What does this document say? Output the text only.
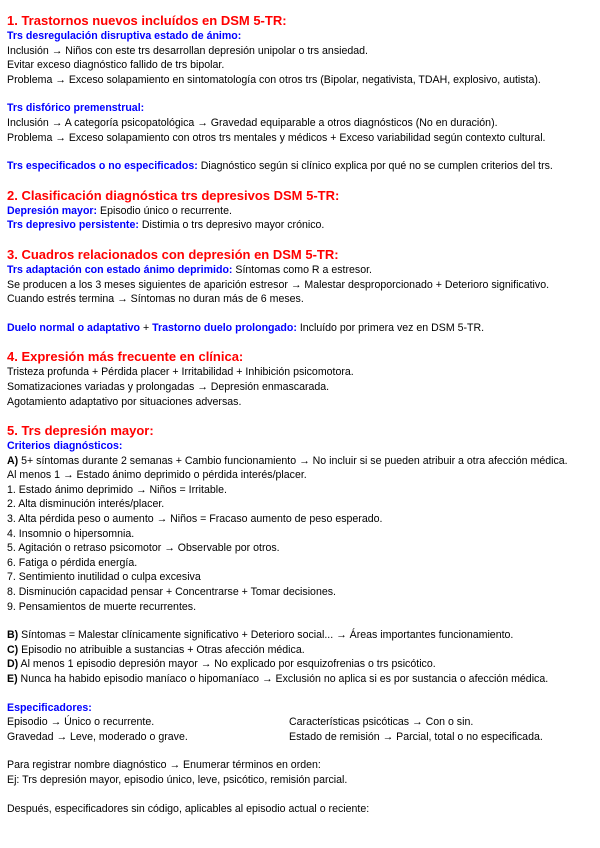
1. Trastornos nuevos incluídos en DSM 5-TR:
Trs desregulación disruptiva estado de ánimo:
Inclusión → Niños con este trs desarrollan depresión unipolar o trs ansiedad.
Evitar exceso diagnóstico fallido de trs bipolar.
Problema → Exceso solapamiento en sintomatología con otros trs (Bipolar, negativista, TDAH, explosivo, autista).
Trs disfórico premenstrual:
Inclusión → A categoría psicopatológica → Gravedad equiparable a otros diagnósticos (No en duración).
Problema → Exceso solapamiento con otros trs mentales y médicos + Exceso variabilidad según contexto cultural.
Trs especificados o no especificados: Diagnóstico según si clínico explica por qué no se cumplen criterios del trs.
2. Clasificación diagnóstica trs depresivos DSM 5-TR:
Depresión mayor: Episodio único o recurrente.
Trs depresivo persistente: Distimia o trs depresivo mayor crónico.
3. Cuadros relacionados con depresión en DSM 5-TR:
Trs adaptación con estado ánimo deprimido: Síntomas como R a estresor.
Se producen a los 3 meses siguientes de aparición estresor → Malestar desproporcionado + Deterioro significativo.
Cuando estrés termina → Síntomas no duran más de 6 meses.
Duelo normal o adaptativo + Trastorno duelo prolongado: Incluído por primera vez en DSM 5-TR.
4. Expresión más frecuente en clínica:
Tristeza profunda + Pérdida placer + Irritabilidad + Inhibición psicomotora.
Somatizaciones variadas y prolongadas → Depresión enmascarada.
Agotamiento adaptativo por situaciones adversas.
5. Trs depresión mayor:
Criterios diagnósticos:
A) 5+ síntomas durante 2 semanas + Cambio funcionamiento → No incluir si se pueden atribuir a otra afección médica.
Al menos 1 → Estado ánimo deprimido o pérdida interés/placer.
1. Estado ánimo deprimido → Niños = Irritable.
2. Alta disminución interés/placer.
3. Alta pérdida peso o aumento → Niños = Fracaso aumento de peso esperado.
4. Insomnio o hipersomnia.
5. Agitación o retraso psicomotor → Observable por otros.
6. Fatiga o pérdida energía.
7. Sentimiento inutilidad o culpa excesiva
8. Disminución capacidad pensar + Concentrarse + Tomar decisiones.
9. Pensamientos de muerte recurrentes.
B) Síntomas = Malestar clínicamente significativo + Deterioro social... → Áreas importantes funcionamiento.
C) Episodio no atribuible a sustancias + Otras afección médica.
D) Al menos 1 episodio depresión mayor → No explicado por esquizofrenias o trs psicótico.
E) Nunca ha habido episodio maníaco o hipomaníaco → Exclusión no aplica si es por sustancia o afección médica.
Especificadores:
Episodio → Único o recurrente.	Características psicóticas → Con o sin.
Gravedad → Leve, moderado o grave.	Estado de remisión → Parcial, total o no especificada.
Para registrar nombre diagnóstico → Enumerar términos en orden:
Ej: Trs depresión mayor, episodio único, leve, psicótico, remisión parcial.
Después, especificadores sin código, aplicables al episodio actual o reciente:
